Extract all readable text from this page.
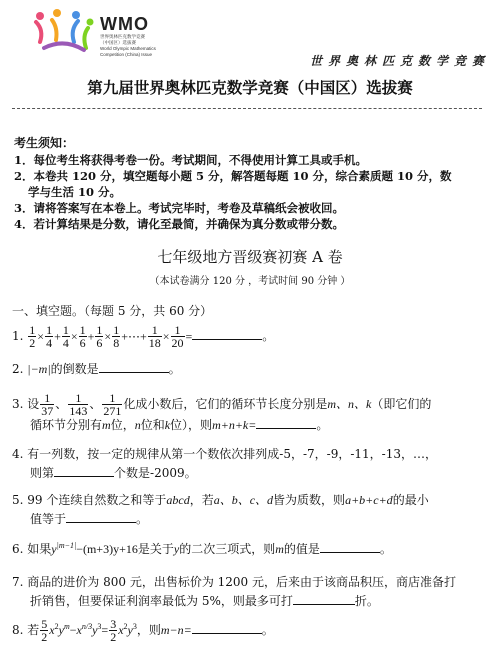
WMO
世界奥林匹克数学竞赛
（中国区）选拔赛
World Olympic Mathematics
Competition (China) Issue	世界奥林匹克数学竞赛
第九届世界奥林匹克数学竞赛（中国区）选拔赛
考生须知：
1．每位考生将获得考卷一份。考试期间，不得使用计算工具或手机。
2．本卷共 120 分，填空题每小题 5 分，解答题每题 10 分，综合素质题 10 分，数
学与生活 10 分。
3．请将答案写在本卷上。考试完毕时，考卷及草稿纸会被收回。
4．若计算结果是分数，请化至最简，并确保为真分数或带分数。
七年级地方晋级赛初赛 A 卷
（本试卷满分 120 分 ，考试时间 90 分钟 ）
一、填空题。（每题 5 分，共 60 分）
1. $\frac{1}{2} \times \frac{1}{4} + \frac{1}{4} \times \frac{1}{6} + \frac{1}{6} \times \frac{1}{8}$ +⋯+ $\frac{1}{18} \times \frac{1}{20}$ =	。
2. |−m|的倒数是	。
3. 设 $\frac{1}{37}$ 、 $\frac{1}{143}$ 、 $\frac{1}{271}$ 化成小数后，它们的循环节长度分别是m、n、k（即它们的
循环节分别有m位，n位和k位），则m+n+k=	。
4. 有一列数，按一定的规律从第一个数依次排列成-5，-7，-9，-11，-13，…，
则第	个数是-2009。
5. 99 个连续自然数之和等于abcd，若a、b、c、d皆为质数，则a+b+c+d的最小
值等于	。
6. 如果$y^{|m-1|}-(m+3)y+16$是关于y的二次三项式，则m的值是	。
7. 商品的进价为 800 元，出售标价为 1200 元，后来由于该商品积压，商店准备打
折销售，但要保证利润率最低为 5%，则最多可打	折。
8. 若 $\frac{5}{2} x^2y^m-x^{n/3}y^3= \frac{3}{2} x^2y^3$，则m−n=	。
